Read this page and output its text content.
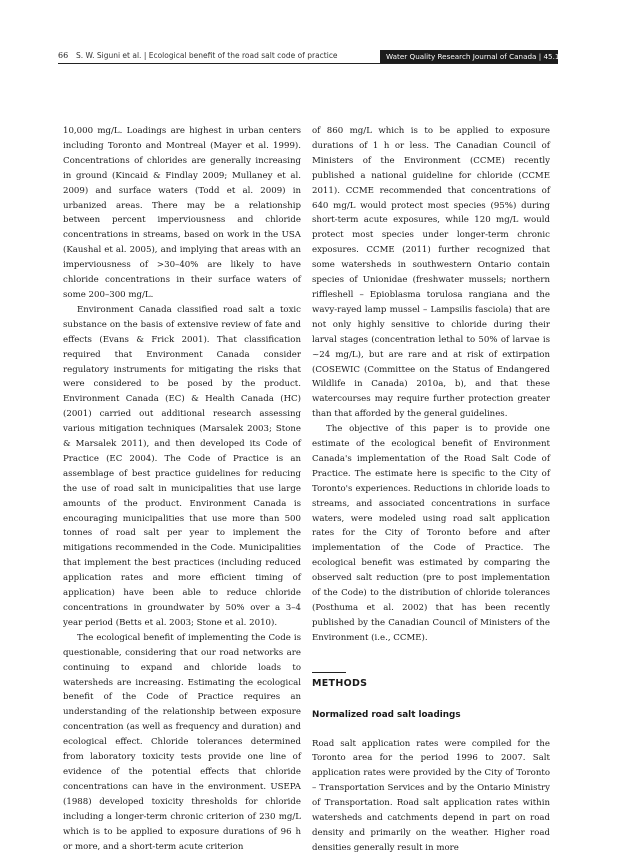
66 S. W. Siguni et al. | Ecological benefit of the road salt code of practice	Water Quality Research Journal of Canada | 45.1 | 2010

10,000 mg/L. Loadings are highest in urban centers including Toronto and Montreal (Mayer et al. 1999). Concentrations of chlorides are generally increasing in ground (Kincaid & Findlay 2009; Mullaney et al. 2009) and surface waters (Todd et al. 2009) in urbanized areas. There may be a relationship between percent imperviousness and chloride concentrations in streams, based on work in the USA (Kaushal et al. 2005), and implying that areas with an imperviousness of >30–40% are likely to have chloride concentrations in their surface waters of some 200–300 mg/L.

Environment Canada classified road salt a toxic substance on the basis of extensive review of fate and effects (Evans & Frick 2001). That classification required that Environment Canada consider regulatory instruments for mitigating the risks that were considered to be posed by the product. Environment Canada (EC) & Health Canada (HC) (2001) carried out additional research assessing various mitigation techniques (Marsalek 2003; Stone & Marsalek 2011), and then developed its Code of Practice (EC 2004). The Code of Practice is an assemblage of best practice guidelines for reducing the use of road salt in municipalities that use large amounts of the product. Environment Canada is encouraging municipalities that use more than 500 tonnes of road salt per year to implement the mitigations recommended in the Code. Municipalities that implement the best practices (including reduced application rates and more efficient timing of application) have been able to reduce chloride concentrations in groundwater by 50% over a 3–4 year period (Betts et al. 2003; Stone et al. 2010).

The ecological benefit of implementing the Code is questionable, considering that our road networks are continuing to expand and chloride loads to watersheds are increasing. Estimating the ecological benefit of the Code of Practice requires an understanding of the relationship between exposure concentration (as well as frequency and duration) and ecological effect. Chloride tolerances determined from laboratory toxicity tests provide one line of evidence of the potential effects that chloride concentrations can have in the environment. USEPA (1988) developed toxicity thresholds for chloride including a longer-term chronic criterion of 230 mg/L which is to be applied to exposure durations of 96 h or more, and a short-term acute criterion

of 860 mg/L which is to be applied to exposure durations of 1 h or less. The Canadian Council of Ministers of the Environment (CCME) recently published a national guideline for chloride (CCME 2011). CCME recommended that concentrations of 640 mg/L would protect most species (95%) during short-term acute exposures, while 120 mg/L would protect most species under longer-term chronic exposures. CCME (2011) further recognized that some watersheds in southwestern Ontario contain species of Unionidae (freshwater mussels; northern riffleshell – Epioblasma torulosa rangiana and the wavy-rayed lamp mussel – Lampsilis fasciola) that are not only highly sensitive to chloride during their larval stages (concentration lethal to 50% of larvae is ~24 mg/L), but are rare and at risk of extirpation (COSEWIC (Committee on the Status of Endangered Wildlife in Canada) 2010a, b), and that these watercourses may require further protection greater than that afforded by the general guidelines.

The objective of this paper is to provide one estimate of the ecological benefit of Environment Canada's implementation of the Road Salt Code of Practice. The estimate here is specific to the City of Toronto's experiences. Reductions in chloride loads to streams, and associated concentrations in surface waters, were modeled using road salt application rates for the City of Toronto before and after implementation of the Code of Practice. The ecological benefit was estimated by comparing the observed salt reduction (pre to post implementation of the Code) to the distribution of chloride tolerances (Posthuma et al. 2002) that has been recently published by the Canadian Council of Ministers of the Environment (i.e., CCME).

METHODS
Normalized road salt loadings

Road salt application rates were compiled for the Toronto area for the period 1996 to 2007. Salt application rates were provided by the City of Toronto – Transportation Services and by the Ontario Ministry of Transportation. Road salt application rates within watersheds and catchments depend in part on road density and primarily on the weather. Higher road densities generally result in more
